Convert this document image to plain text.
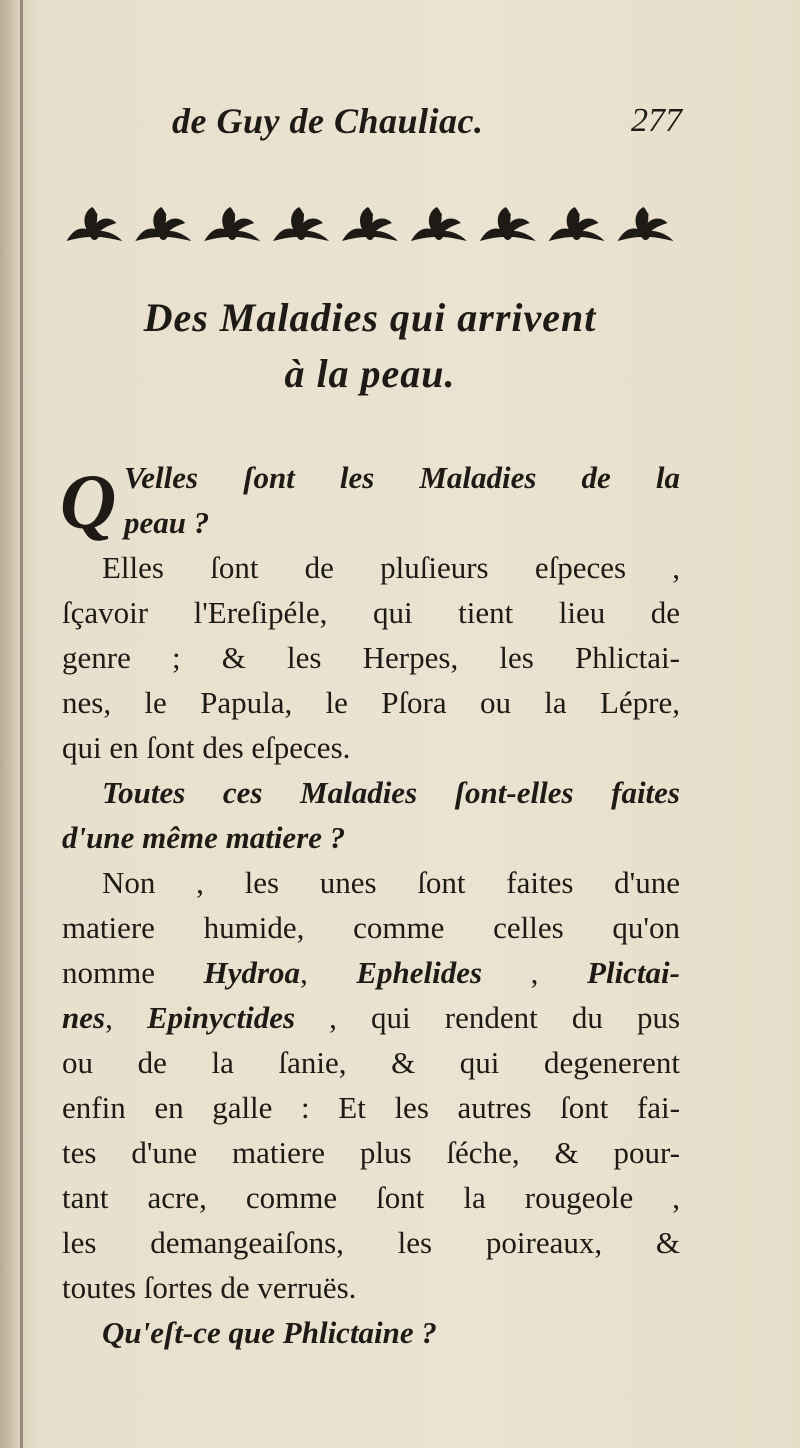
de Guy de Chauliac.	277
Des Maladies qui arrivent
à la peau.
Q Velles ſont les Maladies de la
peau ?
Elles ſont de pluſieurs eſpeces ,
ſçavoir l'Ereſipéle, qui tient lieu de
genre ; & les Herpes, les Phlictai-
nes, le Papula, le Pſora ou la Lépre,
qui en ſont des eſpeces.
Toutes ces Maladies ſont-elles faites
d'une même matiere ?
Non , les unes ſont faites d'une
matiere humide, comme celles qu'on
nomme Hydroa, Ephelides , Plictai-
nes, Epinyctides , qui rendent du pus
ou de la ſanie, & qui degenerent
enfin en galle : Et les autres ſont fai-
tes d'une matiere plus ſéche, & pour-
tant acre, comme ſont la rougeole ,
les demangeaiſons, les poireaux, &
toutes ſortes de verruës.
Qu'eſt-ce que Phlictaine ?
